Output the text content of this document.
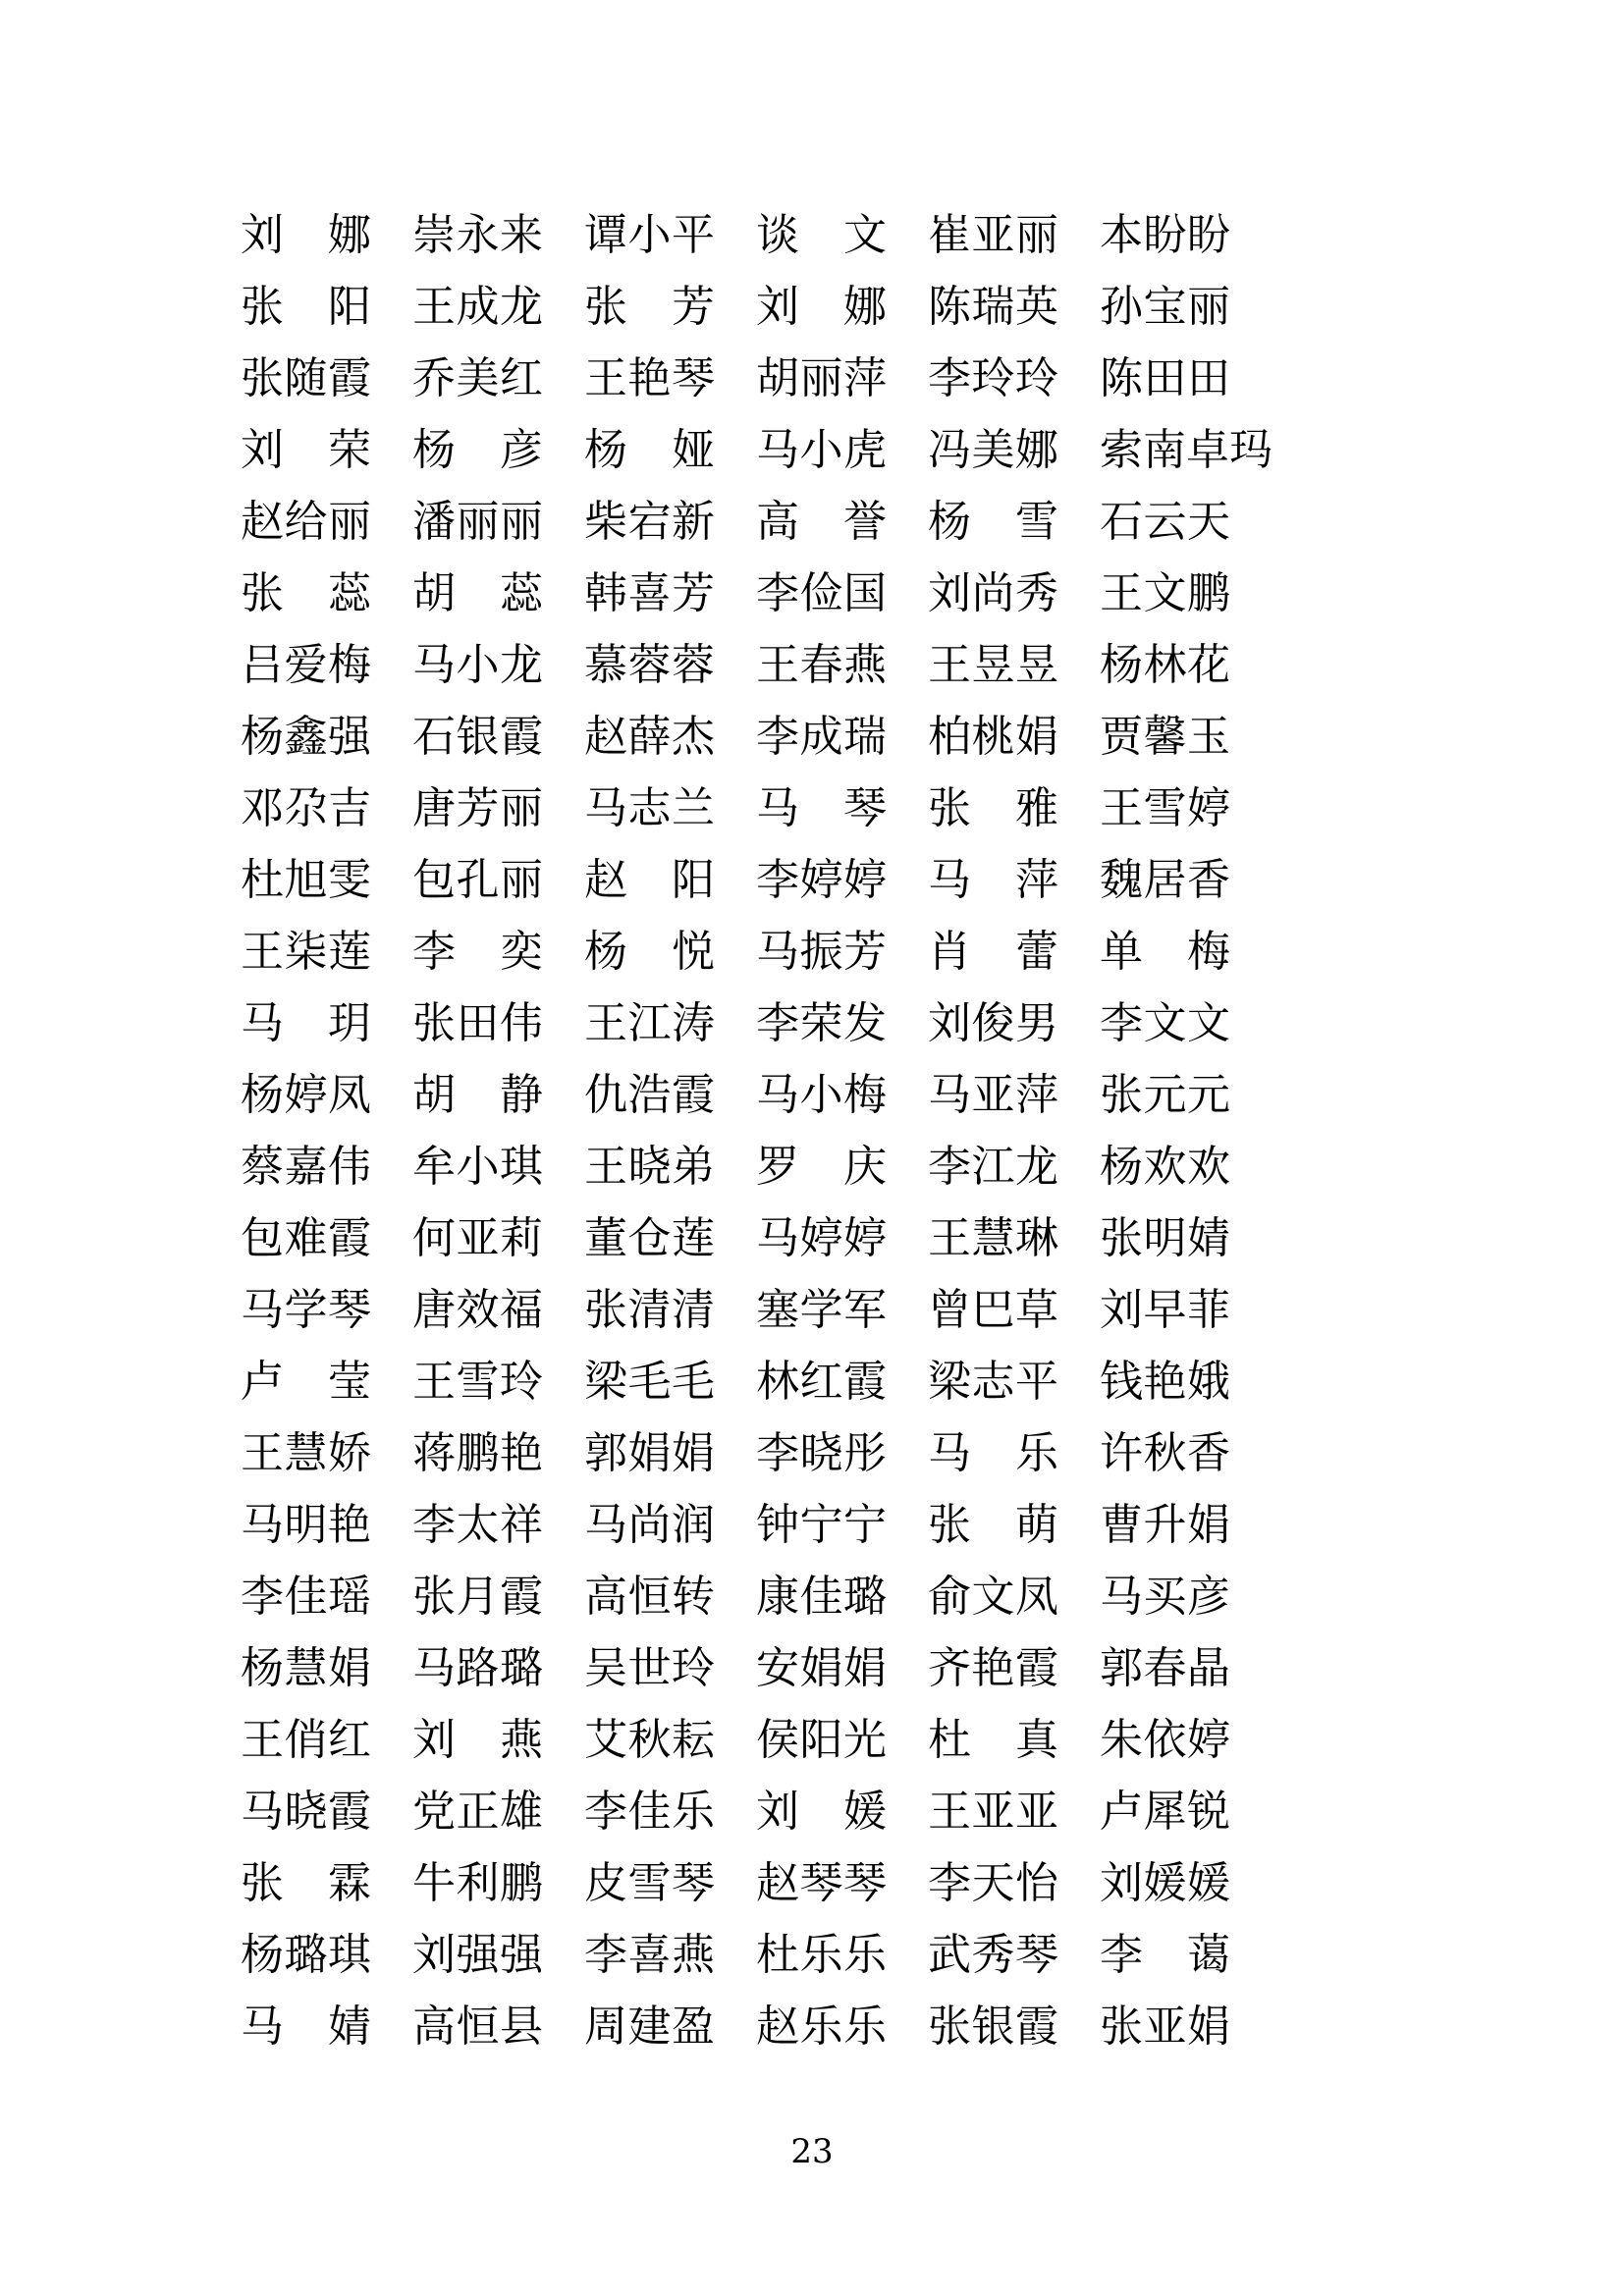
刘 娜 崇 永 来 谭 小 平 谈 文 崔 亚 丽 本 盼 盼
张 阳 王 成 龙 张 芳 刘 娜 陈 瑞 英 孙 宝 丽
张 随 霞 乔 美 红 王 艳 琴 胡 丽 萍 李 玲 玲 陈 田 田
刘 荣 杨 彦 杨 娅 马 小 虎 冯 美 娜 索 南 卓 玛
赵 给 丽 潘 丽 丽 柴 宕 新 高 誉 杨 雪 石 云 天
张 蕊 胡 蕊 韩 喜 芳 李 俭 国 刘 尚 秀 王 文 鹏
吕 爱 梅 马 小 龙 慕 蓉 蓉 王 春 燕 王 昱 昱 杨 林 花
杨 鑫 强 石 银 霞 赵 薛 杰 李 成 瑞 柏 桃 娟 贾 馨 玉
邓 尕 吉 唐 芳 丽 马 志 兰 马 琴 张 雅 王 雪 婷
杜 旭 雯 包 孔 丽 赵 阳 李 婷 婷 马 萍 魏 居 香
王 柒 莲 李 奕 杨 悦 马 振 芳 肖 蕾 单 梅
马 玥 张 田 伟 王 江 涛 李 荣 发 刘 俊 男 李 文 文
杨 婷 凤 胡 静 仇 浩 霞 马 小 梅 马 亚 萍 张 元 元
蔡 嘉 伟 牟 小 琪 王 晓 弟 罗 庆 李 江 龙 杨 欢 欢
包 难 霞 何 亚 莉 董 仓 莲 马 婷 婷 王 慧 琳 张 明 婧
马 学 琴 唐 效 福 张 清 清 塞 学 军 曾 巴 草 刘 早 菲
卢 莹 王 雪 玲 梁 毛 毛 林 红 霞 梁 志 平 钱 艳 娥
王 慧 娇 蒋 鹏 艳 郭 娟 娟 李 晓 彤 马 乐 许 秋 香
马 明 艳 李 太 祥 马 尚 润 钟 宁 宁 张 萌 曹 升 娟
李 佳 瑶 张 月 霞 高 恒 转 康 佳 璐 俞 文 凤 马 买 彦
杨 慧 娟 马 路 璐 吴 世 玲 安 娟 娟 齐 艳 霞 郭 春 晶
王 俏 红 刘 燕 艾 秋 耘 侯 阳 光 杜 真 朱 依 婷
马 晓 霞 党 正 雄 李 佳 乐 刘 媛 王 亚 亚 卢 犀 锐
张 霖 牛 利 鹏 皮 雪 琴 赵 琴 琴 李 天 怡 刘 媛 媛
杨 璐 琪 刘 强 强 李 喜 燕 杜 乐 乐 武 秀 琴 李 蔼
马 婧 高 恒 县 周 建 盈 赵 乐 乐 张 银 霞 张 亚 娟
23
